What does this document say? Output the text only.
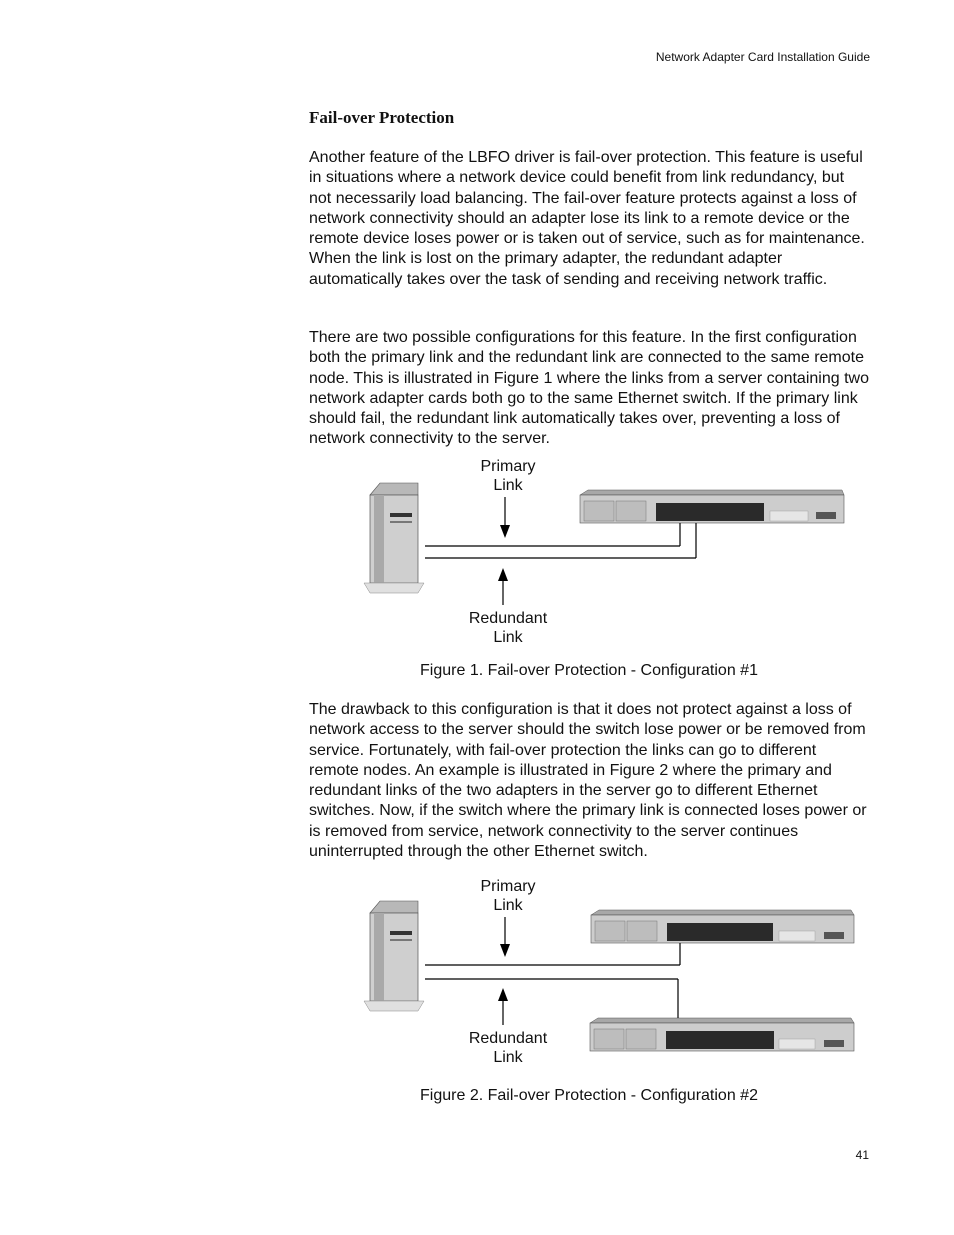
Network Adapter Card Installation Guide
Fail-over Protection

Another feature of the LBFO driver is fail-over protection. This feature is useful in situations where a network device could benefit from link redundancy, but not necessarily load balancing. The fail-over feature protects against a loss of network connectivity should an adapter lose its link to a remote device or the remote device loses power or is taken out of service, such as for maintenance. When the link is lost on the primary adapter, the redundant adapter automatically takes over the task of sending and receiving network traffic.

There are two possible configurations for this feature. In the first configuration both the primary link and the redundant link are connected to the same remote node. This is illustrated in Figure 1 where the links from a server containing two network adapter cards both go to the same Ethernet switch. If the primary link should fail, the redundant link automatically takes over, preventing a loss of network connectivity to the server.

Primary
Link
Redundant
Link
Figure 1. Fail-over Protection - Configuration #1

The drawback to this configuration is that it does not protect against a loss of network access to the server should the switch lose power or be removed from service. Fortunately, with fail-over protection the links can go to different remote nodes. An example is illustrated in Figure 2 where the primary and redundant links of the two adapters in the server go to different Ethernet switches. Now, if the switch where the primary link is connected loses power or is removed from service, network connectivity to the server continues uninterrupted through the other Ethernet switch.

Primary
Link
Redundant
Link
Figure 2. Fail-over Protection - Configuration #2
41
